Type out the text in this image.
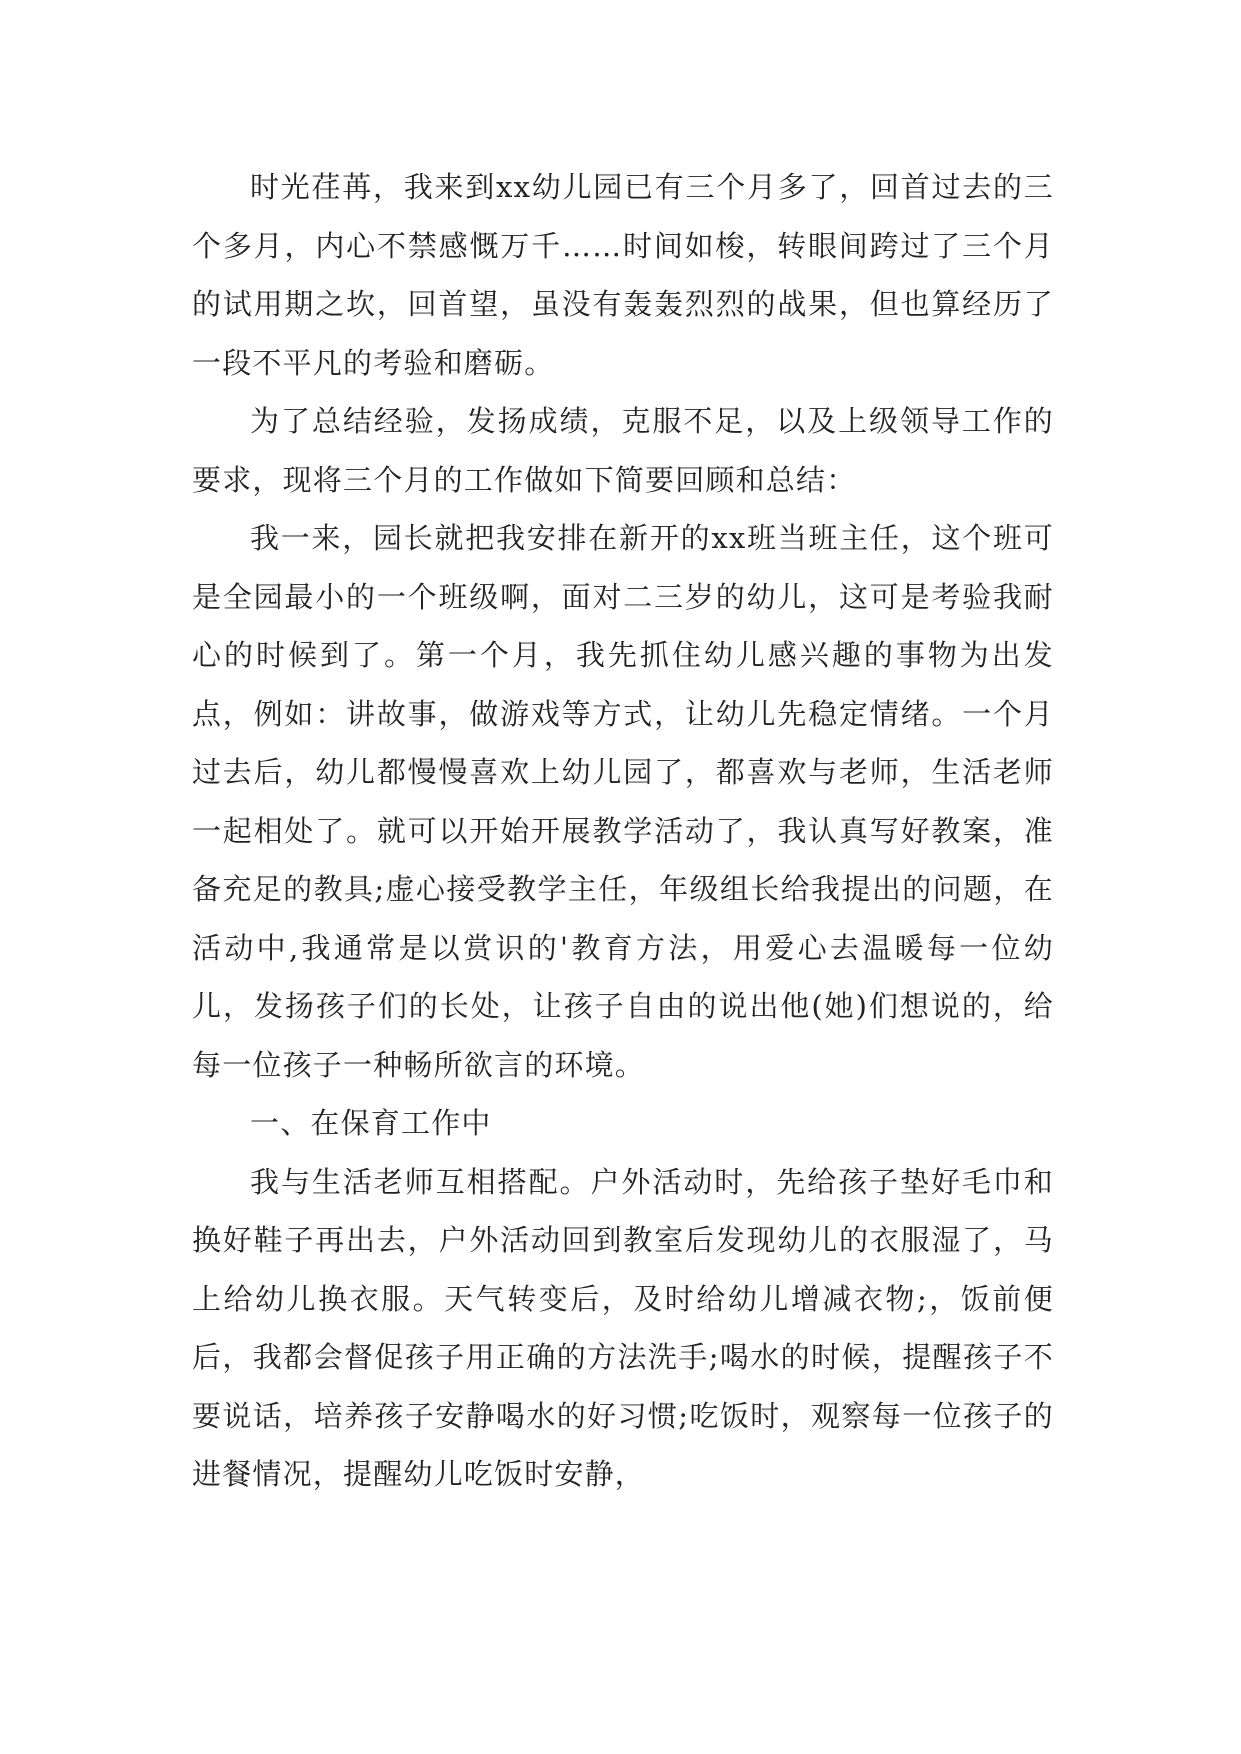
时光荏苒，我来到xx幼儿园已有三个月多了，回首过去的三个多月，内心不禁感慨万千……时间如梭，转眼间跨过了三个月的试用期之坎，回首望，虽没有轰轰烈烈的战果，但也算经历了一段不平凡的考验和磨砺。

为了总结经验，发扬成绩，克服不足，以及上级领导工作的要求，现将三个月的工作做如下简要回顾和总结：

我一来，园长就把我安排在新开的xx班当班主任，这个班可是全园最小的一个班级啊，面对二三岁的幼儿，这可是考验我耐心的时候到了。第一个月，我先抓住幼儿感兴趣的事物为出发点，例如：讲故事，做游戏等方式，让幼儿先稳定情绪。一个月过去后，幼儿都慢慢喜欢上幼儿园了，都喜欢与老师，生活老师一起相处了。就可以开始开展教学活动了，我认真写好教案，准备充足的教具;虚心接受教学主任，年级组长给我提出的问题，在活动中,我通常是以赏识的'教育方法，用爱心去温暖每一位幼儿，发扬孩子们的长处，让孩子自由的说出他(她)们想说的，给每一位孩子一种畅所欲言的环境。

一、在保育工作中

我与生活老师互相搭配。户外活动时，先给孩子垫好毛巾和换好鞋子再出去，户外活动回到教室后发现幼儿的衣服湿了，马上给幼儿换衣服。天气转变后，及时给幼儿增减衣物;，饭前便后，我都会督促孩子用正确的方法洗手;喝水的时候，提醒孩子不要说话，培养孩子安静喝水的好习惯;吃饭时，观察每一位孩子的进餐情况，提醒幼儿吃饭时安静，
